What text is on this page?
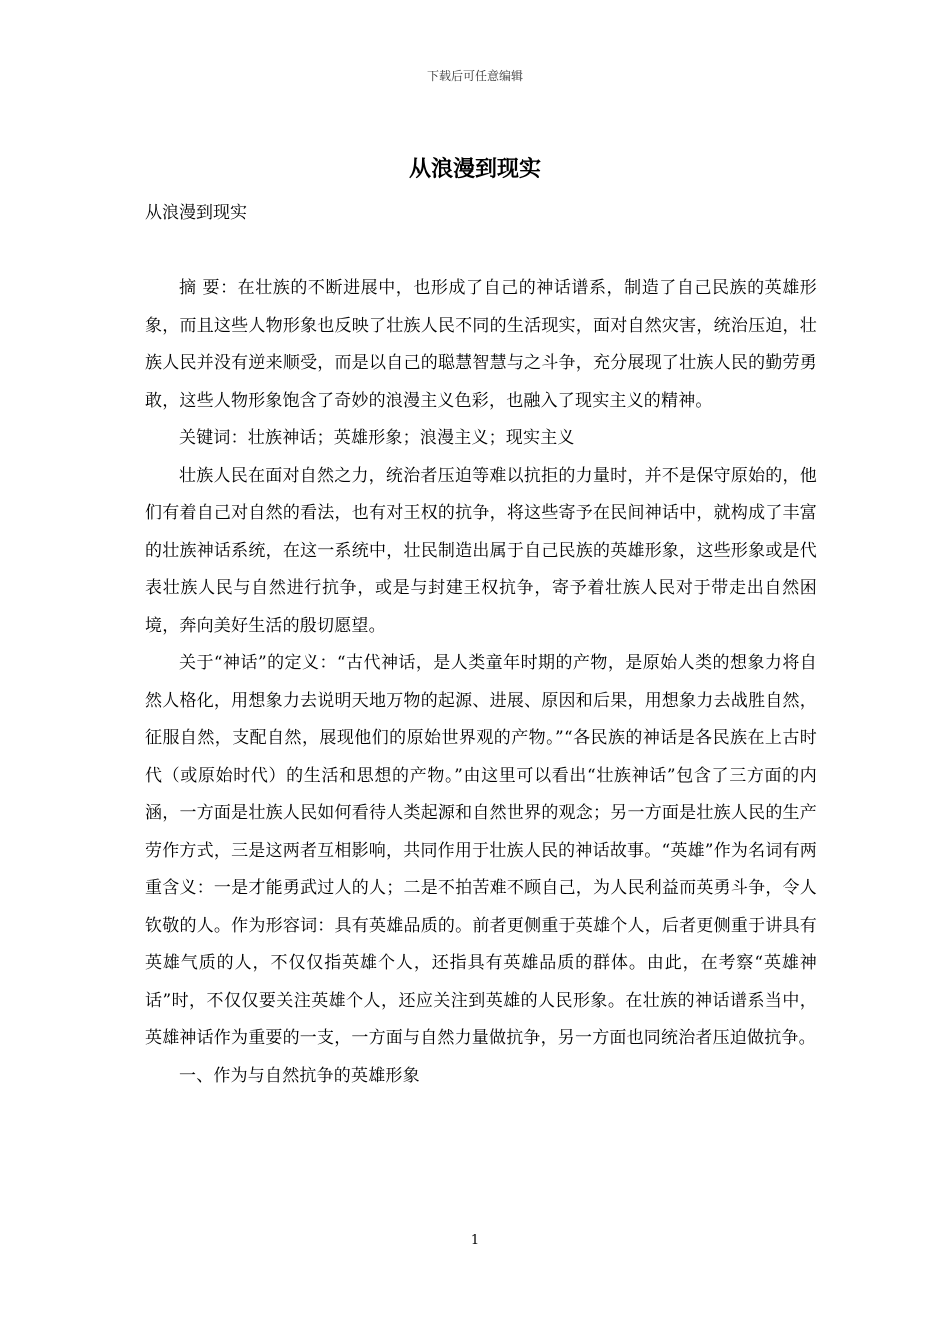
下载后可任意编辑
从浪漫到现实

从浪漫到现实

摘 要：在壮族的不断进展中，也形成了自己的神话谱系，制造了自己民族的英雄形象，而且这些人物形象也反映了壮族人民不同的生活现实，面对自然灾害，统治压迫，壮族人民并没有逆来顺受，而是以自己的聪慧智慧与之斗争，充分展现了壮族人民的勤劳勇敢，这些人物形象饱含了奇妙的浪漫主义色彩，也融入了现实主义的精神。

关键词：壮族神话；英雄形象；浪漫主义；现实主义

壮族人民在面对自然之力，统治者压迫等难以抗拒的力量时，并不是保守原始的，他们有着自己对自然的看法，也有对王权的抗争，将这些寄予在民间神话中，就构成了丰富的壮族神话系统，在这一系统中，壮民制造出属于自己民族的英雄形象，这些形象或是代表壮族人民与自然进行抗争，或是与封建王权抗争，寄予着壮族人民对于带走出自然困境，奔向美好生活的殷切愿望。

关于“神话”的定义：“古代神话，是人类童年时期的产物，是原始人类的想象力将自然人格化，用想象力去说明天地万物的起源、进展、原因和后果，用想象力去战胜自然，征服自然，支配自然，展现他们的原始世界观的产物。”“各民族的神话是各民族在上古时代（或原始时代）的生活和思想的产物。”由这里可以看出“壮族神话”包含了三方面的内涵，一方面是壮族人民如何看待人类起源和自然世界的观念；另一方面是壮族人民的生产劳作方式，三是这两者互相影响，共同作用于壮族人民的神话故事。“英雄”作为名词有两重含义：一是才能勇武过人的人；二是不拍苦难不顾自己，为人民利益而英勇斗争，令人钦敬的人。作为形容词：具有英雄品质的。前者更侧重于英雄个人，后者更侧重于讲具有英雄气质的人，不仅仅指英雄个人，还指具有英雄品质的群体。由此，在考察“英雄神话”时，不仅仅要关注英雄个人，还应关注到英雄的人民形象。在壮族的神话谱系当中，英雄神话作为重要的一支，一方面与自然力量做抗争，另一方面也同统治者压迫做抗争。

一、作为与自然抗争的英雄形象

1
